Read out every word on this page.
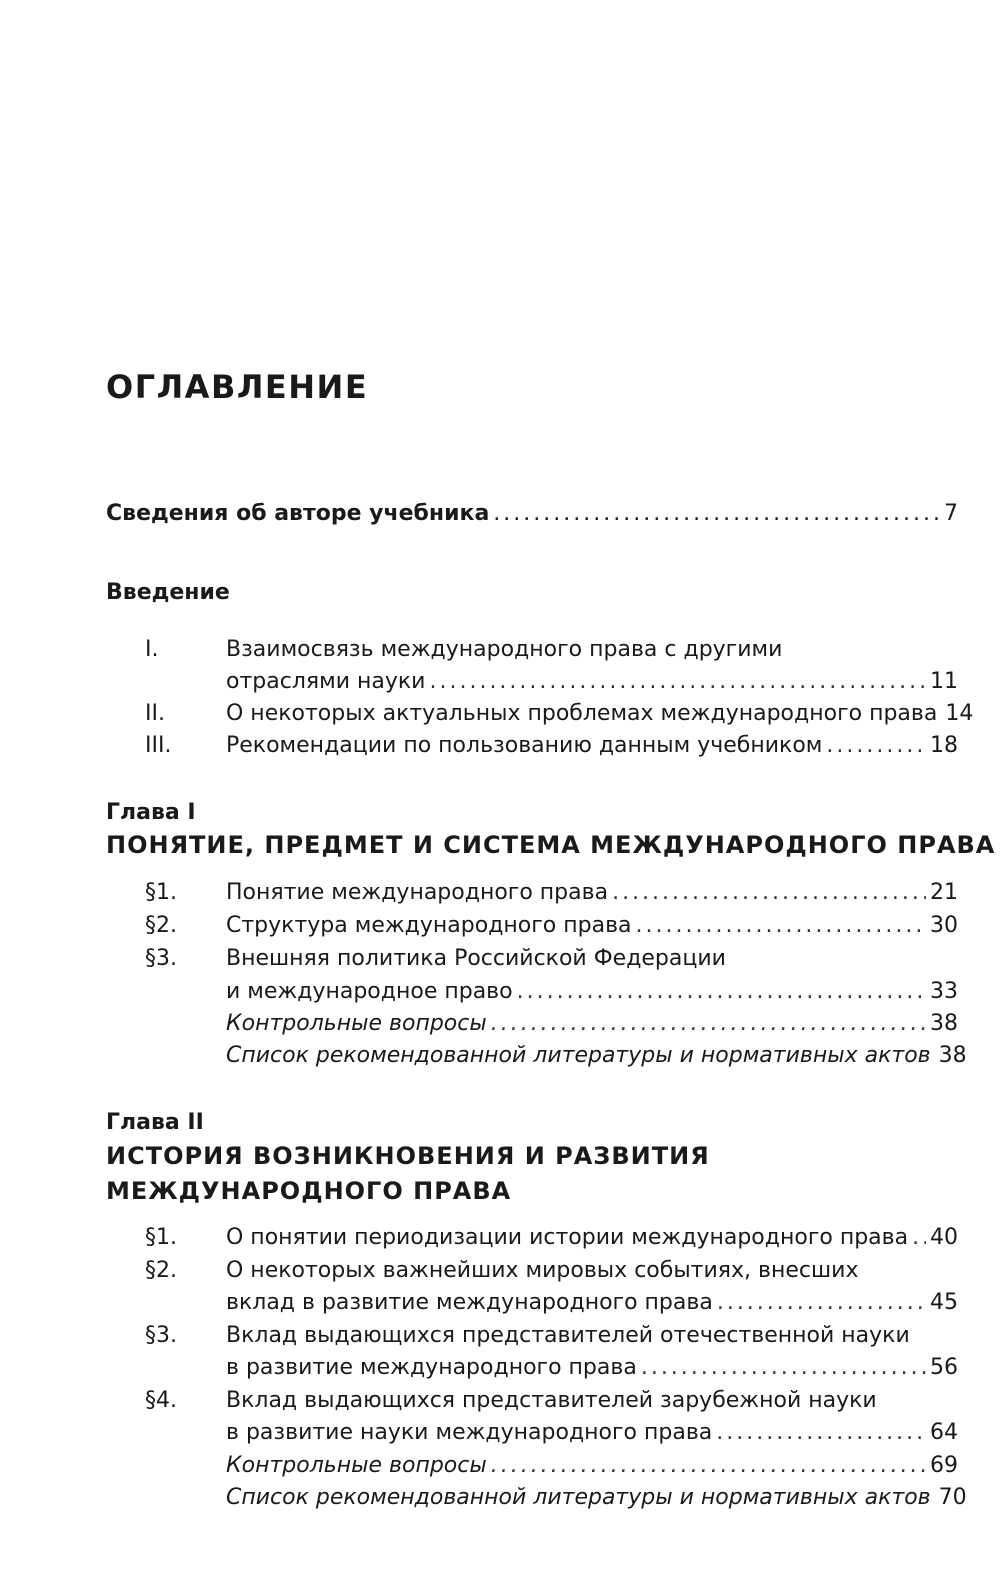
ОГЛАВЛЕНИЕ
Сведения об авторе учебника .....	7
Введение
I.	Взаимосвязь международного права с другими
отраслями науки .....	11
II.	О некоторых актуальных проблемах международного права 14
III. Рекомендации по пользованию данным учебником .....	18
Глава I
ПОНЯТИЕ, ПРЕДМЕТ И СИСТЕМА МЕЖДУНАРОДНОГО ПРАВА
§1. Понятие международного права .....	21
§2. Структура международного права .....	30
§3. Внешняя политика Российской Федерации
и международное право .....	33
Контрольные вопросы .....	38
Список рекомендованной литературы и нормативных актов 38
Глава II
ИСТОРИЯ ВОЗНИКНОВЕНИЯ И РАЗВИТИЯ
МЕЖДУНАРОДНОГО ПРАВА
§1. О понятии периодизации истории международного права ..... 40
§2. О некоторых важнейших мировых событиях, внесших
вклад в развитие международного права .....	45
§3. Вклад выдающихся представителей отечественной науки
в развитие международного права .....	56
§4. Вклад выдающихся представителей зарубежной науки
в развитие науки международного права .....	64
Контрольные вопросы .....	69
Список рекомендованной литературы и нормативных актов 70
